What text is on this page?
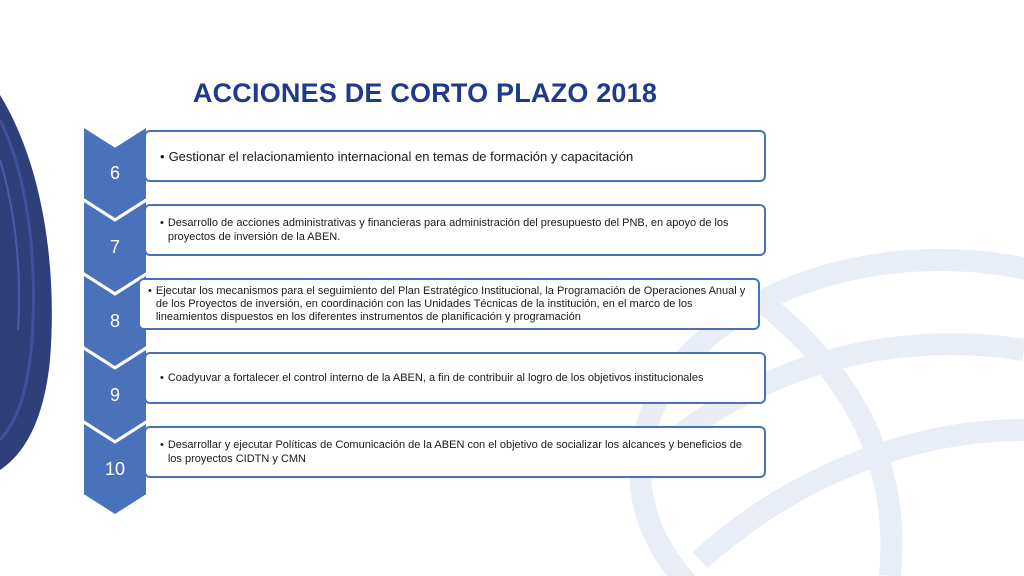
ACCIONES DE CORTO PLAZO 2018
6
• Gestionar el relacionamiento internacional en temas de formación y capacitación
7
• Desarrollo de acciones administrativas y financieras para administración del presupuesto del PNB, en apoyo de los proyectos de inversión de la ABEN.
8
• Ejecutar los mecanismos para el seguimiento del Plan Estratégico Institucional, la Programación de Operaciones Anual y de los Proyectos de inversión, en coordinación con las Unidades Técnicas de la institución, en el marco de los lineamientos dispuestos en los diferentes instrumentos de planificación y programación
9
• Coadyuvar a fortalecer el control interno de la ABEN, a fin de contribuir al logro de los objetivos institucionales
10
• Desarrollar y ejecutar Políticas de Comunicación de la ABEN con el objetivo de socializar los alcances y beneficios de los proyectos CIDTN y CMN
